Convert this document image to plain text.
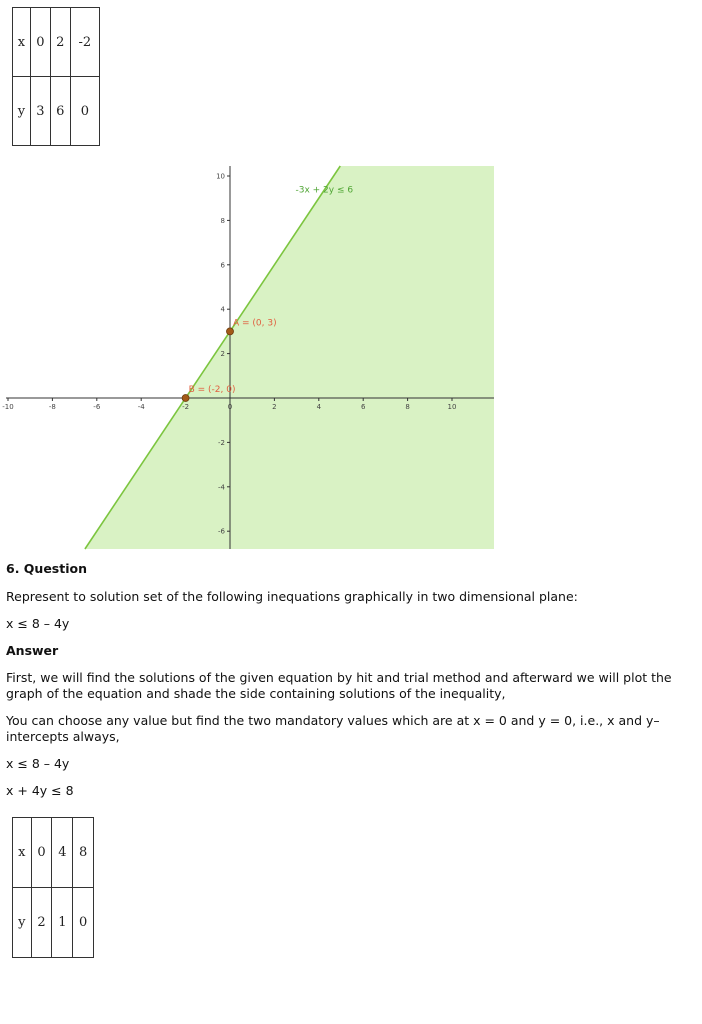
x	0	2	-2
y	3	6	0
-10	-8	-6	-4	-2	0	2	4	6	8	10
10
8
6
4
2
-2
-4
-6
-3x + 2y ≤ 6
A = (0, 3)
B = (-2, 0)

6. Question

Represent to solution set of the following inequations graphically in two dimensional plane:

x ≤ 8 – 4y

Answer

First, we will find the solutions of the given equation by hit and trial method and afterward we will plot the

graph of the equation and shade the side containing solutions of the inequality,

You can choose any value but find the two mandatory values which are at x = 0 and y = 0, i.e., x and y–

intercepts always,

x ≤ 8 – 4y

x + 4y ≤ 8

x	0	4	8
y	2	1	0
